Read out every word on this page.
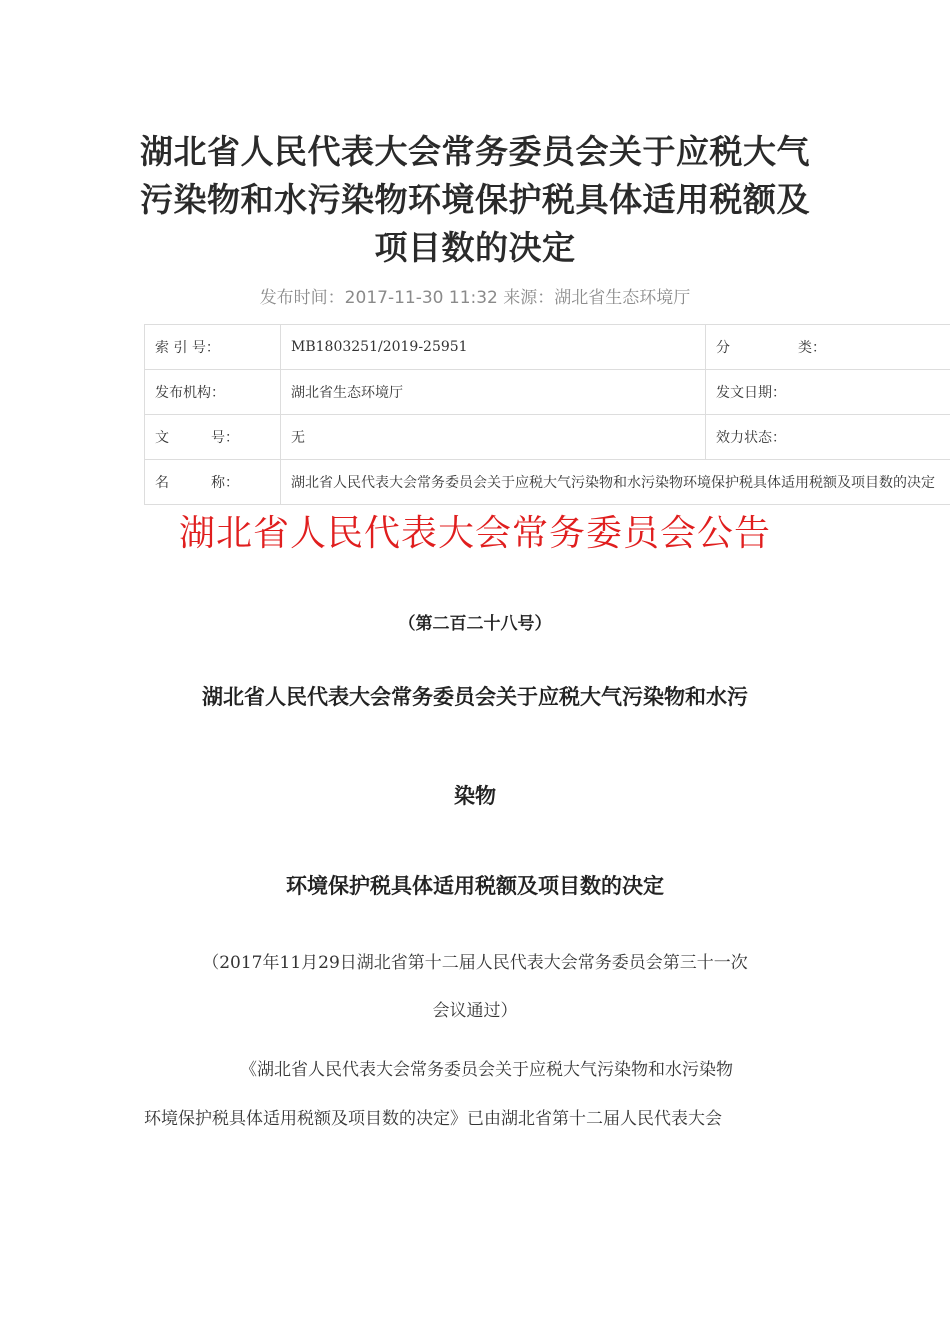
湖北省人民代表大会常务委员会关于应税大气污染物和水污染物环境保护税具体适用税额及项目数的决定
发布时间：2017-11-30 11:32 来源：湖北省生态环境厅
索 引 号：	MB1803251/2019-25951	分 类：

发布机构：	湖北省生态环境厅	发文日期：

文 号：	无	效力状态：

名 称：	湖北省人民代表大会常务委员会关于应税大气污染物和水污染物环境保护税具体适用税额及项目数的决定	
湖北省人民代表大会常务委员会公告
（第二百二十八号）
湖北省人民代表大会常务委员会关于应税大气污染物和水污
染物
环境保护税具体适用税额及项目数的决定
（2017年11月29日湖北省第十二届人民代表大会常务委员会第三十一次
会议通过）
《湖北省人民代表大会常务委员会关于应税大气污染物和水污染物
环境保护税具体适用税额及项目数的决定》已由湖北省第十二届人民代表大会
